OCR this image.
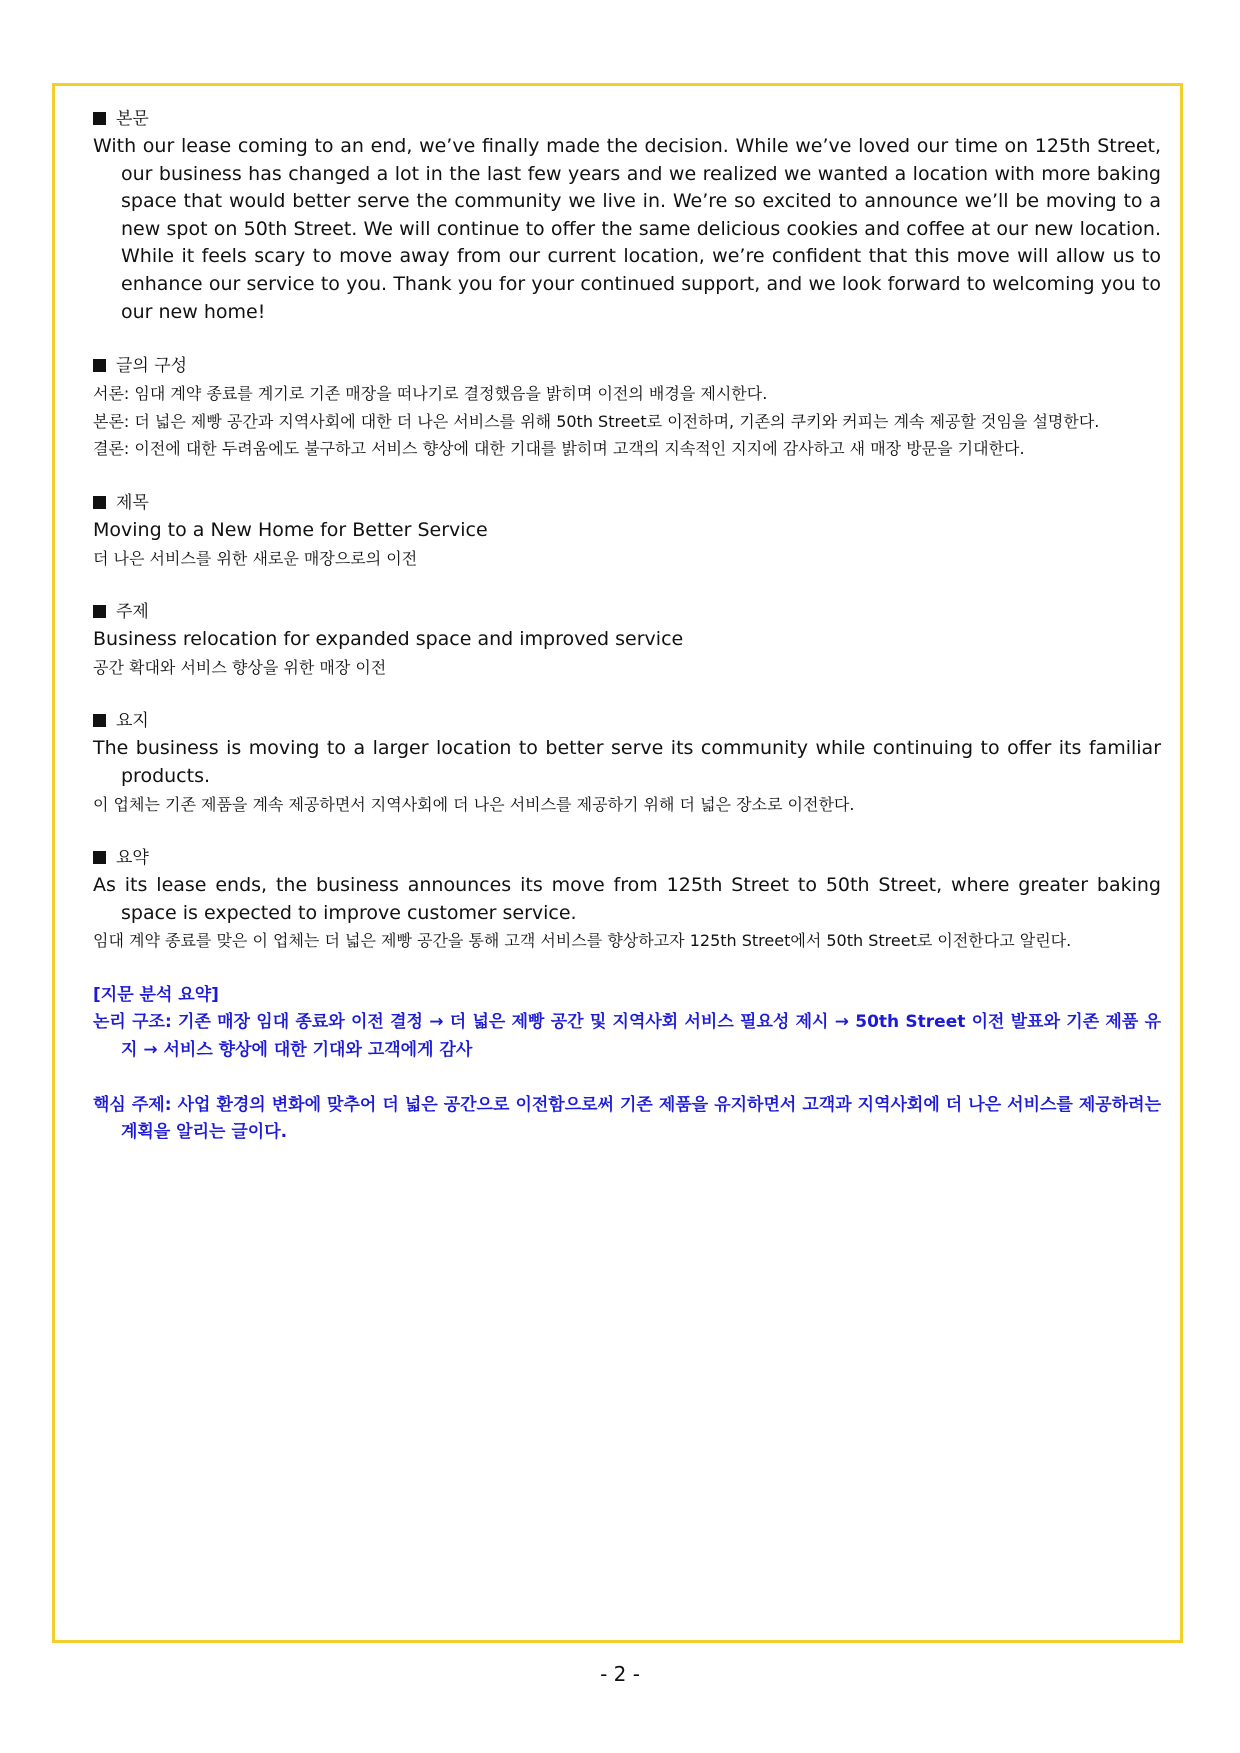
본문
With our lease coming to an end, we’ve finally made the decision. While we’ve loved our time on 125th Street, our business has changed a lot in the last few years and we realized we wanted a location with more baking space that would better serve the community we live in. We’re so excited to announce we’ll be moving to a new spot on 50th Street. We will continue to offer the same delicious cookies and coffee at our new location. While it feels scary to move away from our current location, we’re confident that this move will allow us to enhance our service to you. Thank you for your continued support, and we look forward to welcoming you to our new home!
글의 구성
서론: 임대 계약 종료를 계기로 기존 매장을 떠나기로 결정했음을 밝히며 이전의 배경을 제시한다.
본론: 더 넓은 제빵 공간과 지역사회에 대한 더 나은 서비스를 위해 50th Street로 이전하며, 기존의 쿠키와 커피는 계속 제공할 것임을 설명한다.
결론: 이전에 대한 두려움에도 불구하고 서비스 향상에 대한 기대를 밝히며 고객의 지속적인 지지에 감사하고 새 매장 방문을 기대한다.
제목
Moving to a New Home for Better Service
더 나은 서비스를 위한 새로운 매장으로의 이전
주제
Business relocation for expanded space and improved service
공간 확대와 서비스 향상을 위한 매장 이전
요지
The business is moving to a larger location to better serve its community while continuing to offer its familiar products.
이 업체는 기존 제품을 계속 제공하면서 지역사회에 더 나은 서비스를 제공하기 위해 더 넓은 장소로 이전한다.
요약
As its lease ends, the business announces its move from 125th Street to 50th Street, where greater baking space is expected to improve customer service.
임대 계약 종료를 맞은 이 업체는 더 넓은 제빵 공간을 통해 고객 서비스를 향상하고자 125th Street에서 50th Street로 이전한다고 알린다.
[지문 분석 요약]
논리 구조: 기존 매장 임대 종료와 이전 결정 → 더 넓은 제빵 공간 및 지역사회 서비스 필요성 제시 → 50th Street 이전 발표와 기존 제품 유지 → 서비스 향상에 대한 기대와 고객에게 감사
핵심 주제: 사업 환경의 변화에 맞추어 더 넓은 공간으로 이전함으로써 기존 제품을 유지하면서 고객과 지역사회에 더 나은 서비스를 제공하려는 계획을 알리는 글이다.
- 2 -
